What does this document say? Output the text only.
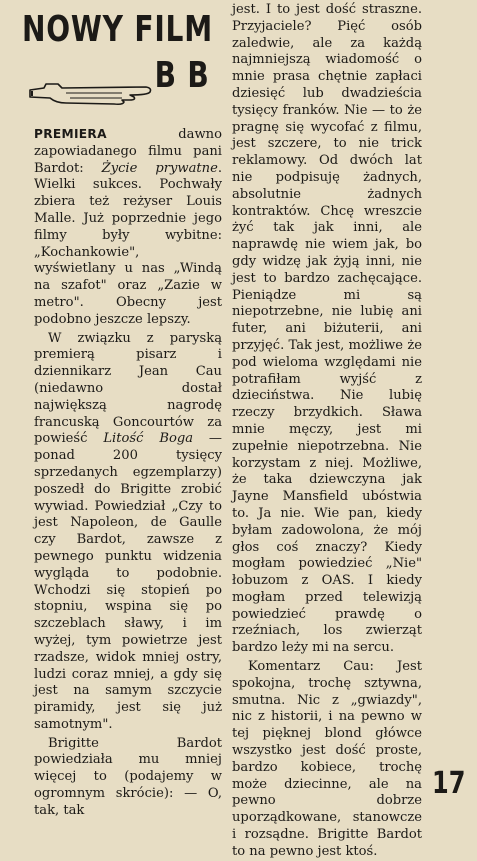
NOWY FILM
B B

PREMIERA dawno zapowiadanego filmu pani Bardot: Życie prywatne. Wielki sukces. Pochwały zbiera też reżyser Louis Malle. Już poprzednie jego filmy były wybitne: „Kochankowie", wyświetlany u nas „Windą na szafot" oraz „Zazie w metro". Obecny jest podobno jeszcze lepszy.

W związku z paryską premierą pisarz i dziennikarz Jean Cau (niedawno dostał największą nagrodę francuską Goncourtów za powieść Litość Boga — ponad 200 tysięcy sprzedanych egzemplarzy) poszedł do Brigitte zrobić wywiad. Powiedział „Czy to jest Napoleon, de Gaulle czy Bardot, zawsze z pewnego punktu widzenia wygląda to podobnie. Wchodzi się stopień po stopniu, wspina się po szczeblach sławy, i im wyżej, tym powietrze jest rzadsze, widok mniej ostry, ludzi coraz mniej, a gdy się jest na samym szczycie piramidy, jest się już samotnym".

Brigitte Bardot powiedziała mu mniej więcej to (podajemy w ogromnym skrócie): — O, tak, tak

jest. I to jest dość straszne. Przyjaciele? Pięć osób zaledwie, ale za każdą najmniejszą wiadomość o mnie prasa chętnie zapłaci dziesięć lub dwadzieścia tysięcy franków. Nie — to że pragnę się wycofać z filmu, jest szczere, to nie trick reklamowy. Od dwóch lat nie podpisuję żadnych, absolutnie żadnych kontraktów. Chcę wreszcie żyć tak jak inni, ale naprawdę nie wiem jak, bo gdy widzę jak żyją inni, nie jest to bardzo zachęcające. Pieniądze mi są niepotrzebne, nie lubię ani futer, ani biżuterii, ani przyjęć. Tak jest, możliwe że pod wieloma względami nie potrafiłam wyjść z dzieciństwa. Nie lubię rzeczy brzydkich. Sława mnie męczy, jest mi zupełnie niepotrzebna. Nie korzystam z niej. Możliwe, że taka dziewczyna jak Jayne Mansfield ubóstwia to. Ja nie. Wie pan, kiedy byłam zadowolona, że mój głos coś znaczy? Kiedy mogłam powiedzieć „Nie" łobuzom z OAS. I kiedy mogłam przed telewizją powiedzieć prawdę o rzeźniach, los zwierząt bardzo leży mi na sercu.

Komentarz Cau: Jest spokojna, trochę sztywna, smutna. Nic z „gwiazdy", nic z historii, i na pewno w tej pięknej blond główce wszystko jest dość proste, bardzo kobiece, trochę może dziecinne, ale na pewno dobrze uporządkowane, stanowcze i rozsądne. Brigitte Bardot to na pewno jest ktoś.

17
